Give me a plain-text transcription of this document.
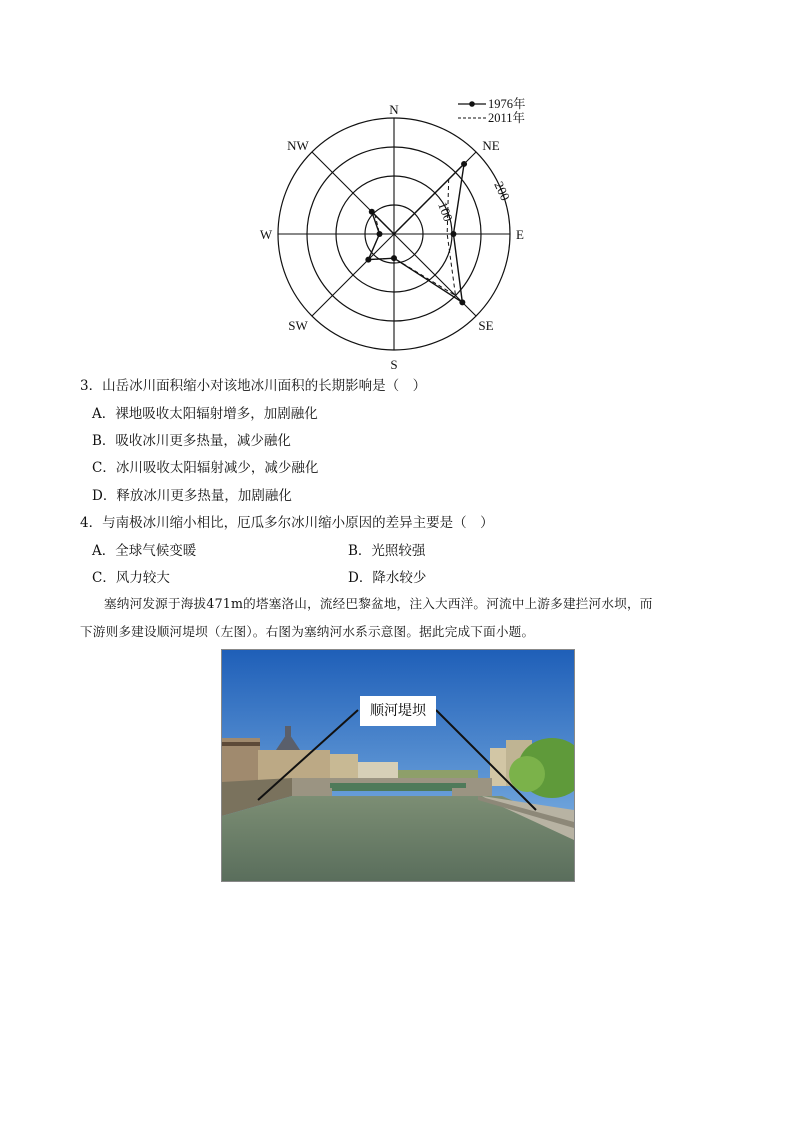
N
NE
E
SE
S
SW
W
NW
100
200
1976年
2011年
3．山岳冰川面积缩小对该地冰川面积的长期影响是（　）
A．裸地吸收太阳辐射增多，加剧融化
B．吸收冰川更多热量，减少融化
C．冰川吸收太阳辐射减少，减少融化
D．释放冰川更多热量，加剧融化
4．与南极冰川缩小相比，厄瓜多尔冰川缩小原因的差异主要是（　）
A．全球气候变暖	B．光照较强
C．风力较大	D．降水较少
塞纳河发源于海拔471m的塔塞洛山，流经巴黎盆地，注入大西洋。河流中上游多建拦河水坝，而
下游则多建设顺河堤坝（左图）。右图为塞纳河水系示意图。据此完成下面小题。
顺河堤坝
